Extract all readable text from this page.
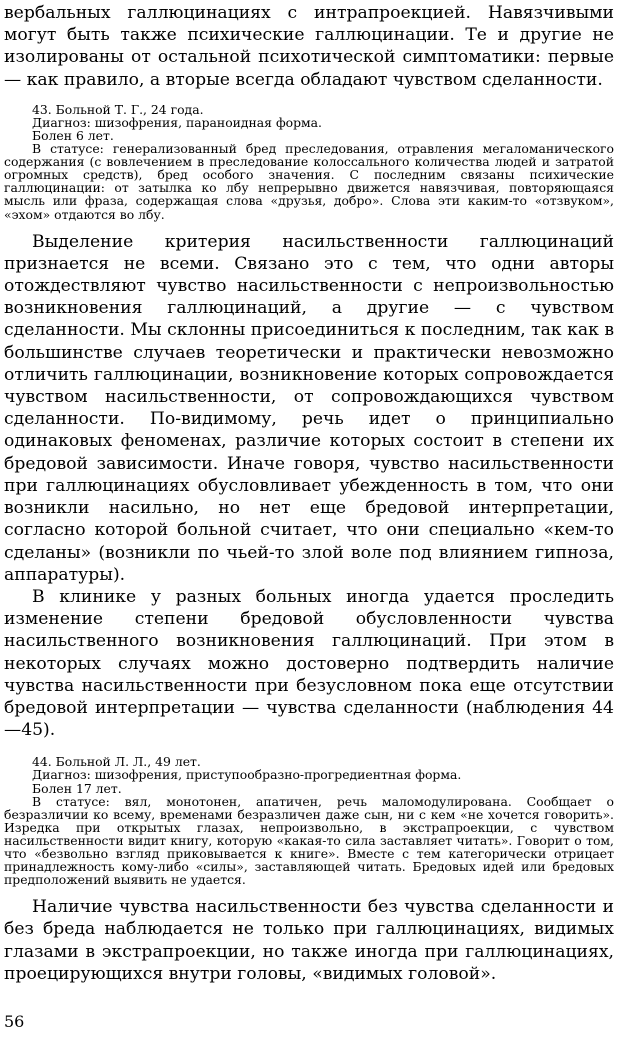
вербальных галлюцинациях с интрапроекцией. Навязчивыми могут быть также психические галлюцинации. Те и другие не изолированы от остальной психотической симптоматики: первые — как правило, а вторые всегда обладают чувством сделанности.

43. Больной Т. Г., 24 года.
Диагноз: шизофрения, параноидная форма.
Болен 6 лет.
В статусе: генерализованный бред преследования, отравления мегаломанического содержания (с вовлечением в преследование колоссального количества людей и затратой огромных средств), бред особого значения. С последним связаны психические галлюцинации: от затылка ко лбу непрерывно движется навязчивая, повторяющаяся мысль или фраза, содержащая слова «друзья, добро». Слова эти каким-то «отзвуком», «эхом» отдаются во лбу.

Выделение критерия насильственности галлюцинаций признается не всеми. Связано это с тем, что одни авторы отождествляют чувство насильственности с непроизвольностью возникновения галлюцинаций, а другие — с чувством сделанности. Мы склонны присоединиться к последним, так как в большинстве случаев теоретически и практически невозможно отличить галлюцинации, возникновение которых сопровождается чувством насильственности, от сопровождающихся чувством сделанности. По-видимому, речь идет о принципиально одинаковых феноменах, различие которых состоит в степени их бредовой зависимости. Иначе говоря, чувство насильственности при галлюцинациях обусловливает убежденность в том, что они возникли насильно, но нет еще бредовой интерпретации, согласно которой больной считает, что они специально «кем-то сделаны» (возникли по чьей-то злой воле под влиянием гипноза, аппаратуры).

В клинике у разных больных иногда удается проследить изменение степени бредовой обусловленности чувства насильственного возникновения галлюцинаций. При этом в некоторых случаях можно достоверно подтвердить наличие чувства насильственности при безусловном пока еще отсутствии бредовой интерпретации — чувства сделанности (наблюдения 44—45).

44. Больной Л. Л., 49 лет.
Диагноз: шизофрения, приступообразно-прогредиентная форма.
Болен 17 лет.
В статусе: вял, монотонен, апатичен, речь маломодулирована. Сообщает о безразличии ко всему, временами безразличен даже сын, ни с кем «не хочется говорить». Изредка при открытых глазах, непроизвольно, в экстрапроекции, с чувством насильственности видит книгу, которую «какая-то сила заставляет читать». Говорит о том, что «безвольно взгляд приковывается к книге». Вместе с тем категорически отрицает принадлежность кому-либо «силы», заставляющей читать. Бредовых идей или бредовых предположений выявить не удается.

Наличие чувства насильственности без чувства сделанности и без бреда наблюдается не только при галлюцинациях, видимых глазами в экстрапроекции, но также иногда при галлюцинациях, проецирующихся внутри головы, «видимых головой».

56
